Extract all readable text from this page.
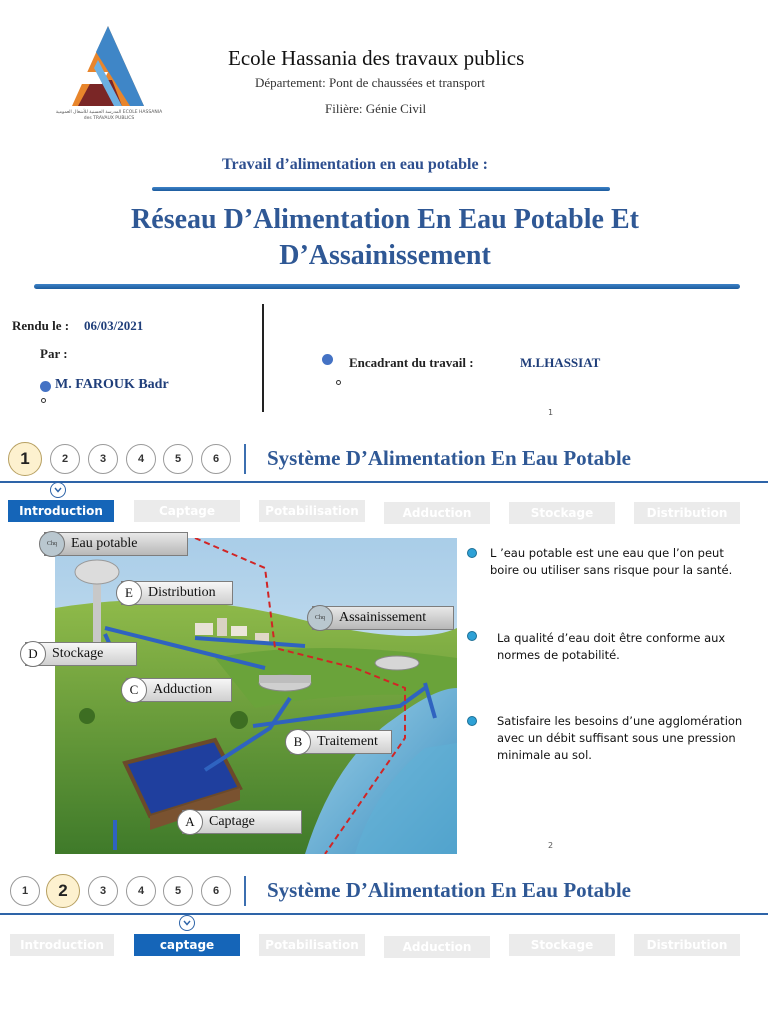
المدرسة الحسنية للأشغال العمومية ECOLE HASSANIA des TRAVAUX PUBLICS
Ecole Hassania des travaux publics
Département: Pont de chaussées et transport
Filière: Génie Civil
Travail d’alimentation en eau potable :
Réseau D’Alimentation En Eau Potable Et
D’Assainissement
Rendu le : 06/03/2021
Par :
M. FAROUK Badr
Encadrant du travail :	M.LHASSIAT
1
1	2	3	4	5	6	Système D’Alimentation En Eau Potable
Introduction	Captage	Potabilisation	Adduction	Stockage	Distribution
Chq	Eau potable
Chq	Assainissement
E	Distribution
D	Stockage
C	Adduction
B	Traitement
A	Captage
L ’eau potable est une eau que l’on peut boire ou utiliser sans risque pour la santé.
La qualité d’eau doit être conforme aux normes de potabilité.
Satisfaire les besoins d’une agglomération avec un débit suffisant sous une pression minimale au sol.
2
1	2	3	4	5	6	Système D’Alimentation En Eau Potable
Introduction	captage	Potabilisation	Adduction	Stockage	Distribution
